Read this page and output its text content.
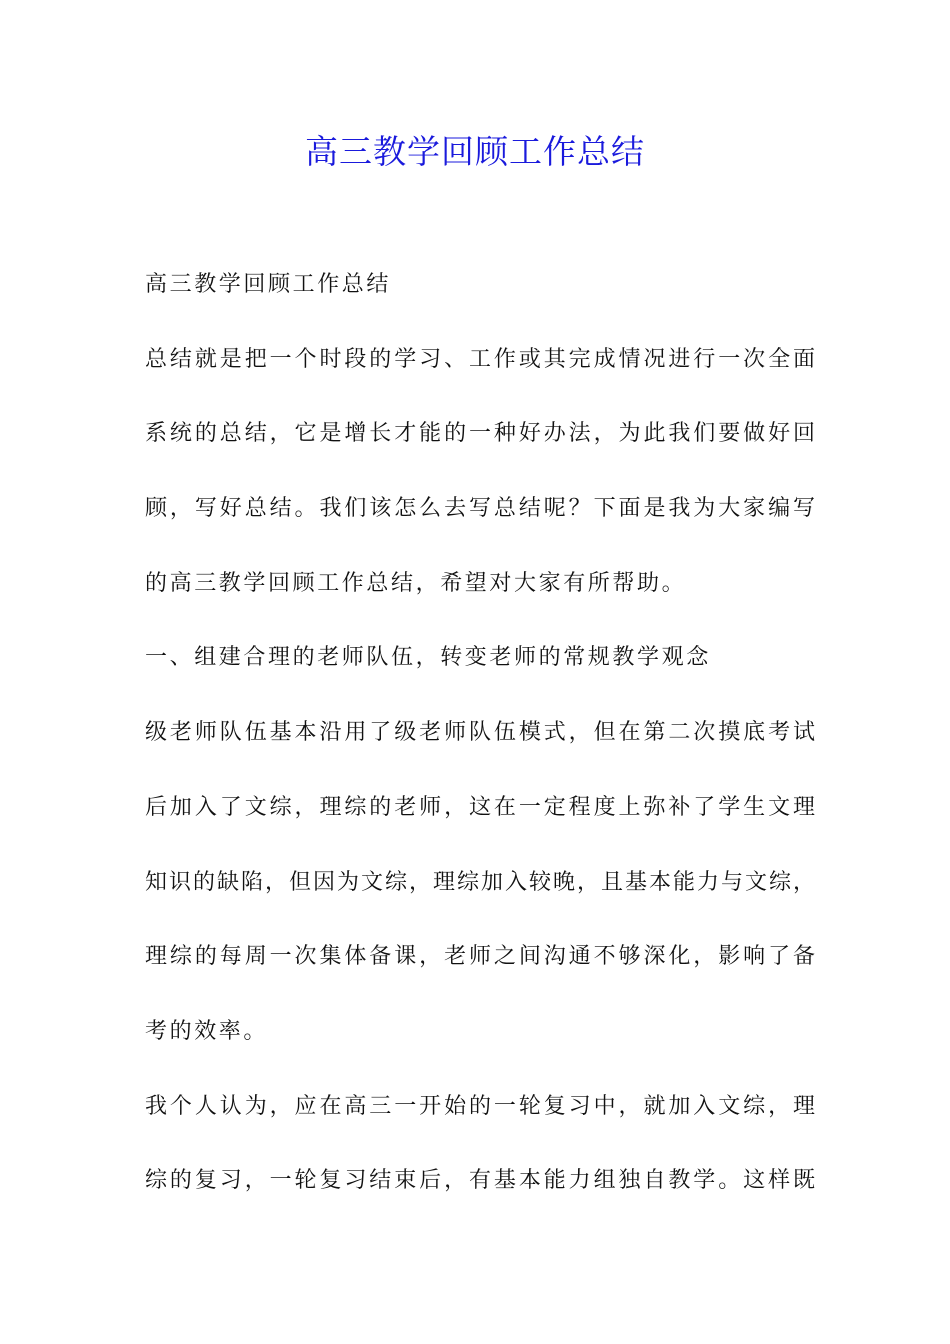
高三教学回顾工作总结

高三教学回顾工作总结

总结就是把一个时段的学习、工作或其完成情况进行一次全面

系统的总结，它是增长才能的一种好办法，为此我们要做好回

顾，写好总结。我们该怎么去写总结呢？下面是我为大家编写

的高三教学回顾工作总结，希望对大家有所帮助。

一、组建合理的老师队伍，转变老师的常规教学观念

级老师队伍基本沿用了级老师队伍模式，但在第二次摸底考试

后加入了文综，理综的老师，这在一定程度上弥补了学生文理

知识的缺陷，但因为文综，理综加入较晚，且基本能力与文综，

理综的每周一次集体备课，老师之间沟通不够深化，影响了备

考的效率。

我个人认为，应在高三一开始的一轮复习中，就加入文综，理

综的复习，一轮复习结束后，有基本能力组独自教学。这样既
